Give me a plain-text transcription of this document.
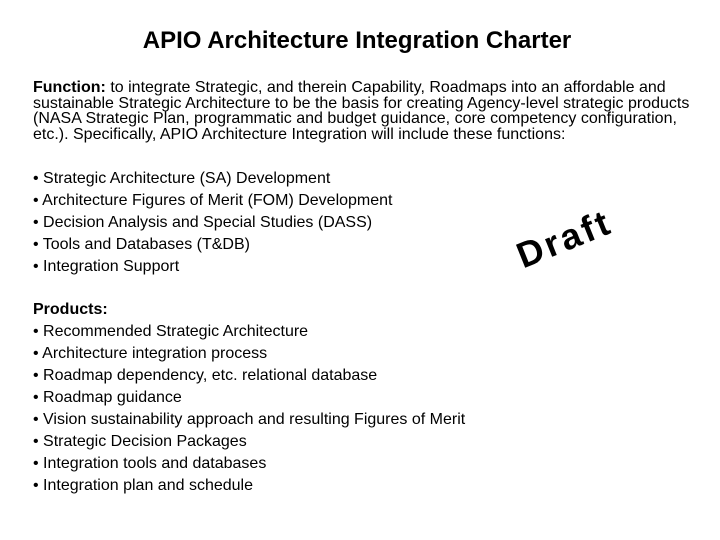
APIO Architecture Integration Charter
Function: to integrate Strategic, and therein Capability, Roadmaps into an affordable and sustainable Strategic Architecture to be the basis for creating Agency-level strategic products (NASA Strategic Plan, programmatic and budget guidance, core competency configuration, etc.). Specifically, APIO Architecture Integration will include these functions:
• Strategic Architecture (SA) Development
• Architecture Figures of Merit (FOM) Development
• Decision Analysis and Special Studies (DASS)
• Tools and Databases (T&DB)
• Integration Support	Draft
Products:
• Recommended Strategic Architecture
• Architecture integration process
• Roadmap dependency, etc. relational database
• Roadmap guidance
• Vision sustainability approach and resulting Figures of Merit
• Strategic Decision Packages
• Integration tools and databases
• Integration plan and schedule
